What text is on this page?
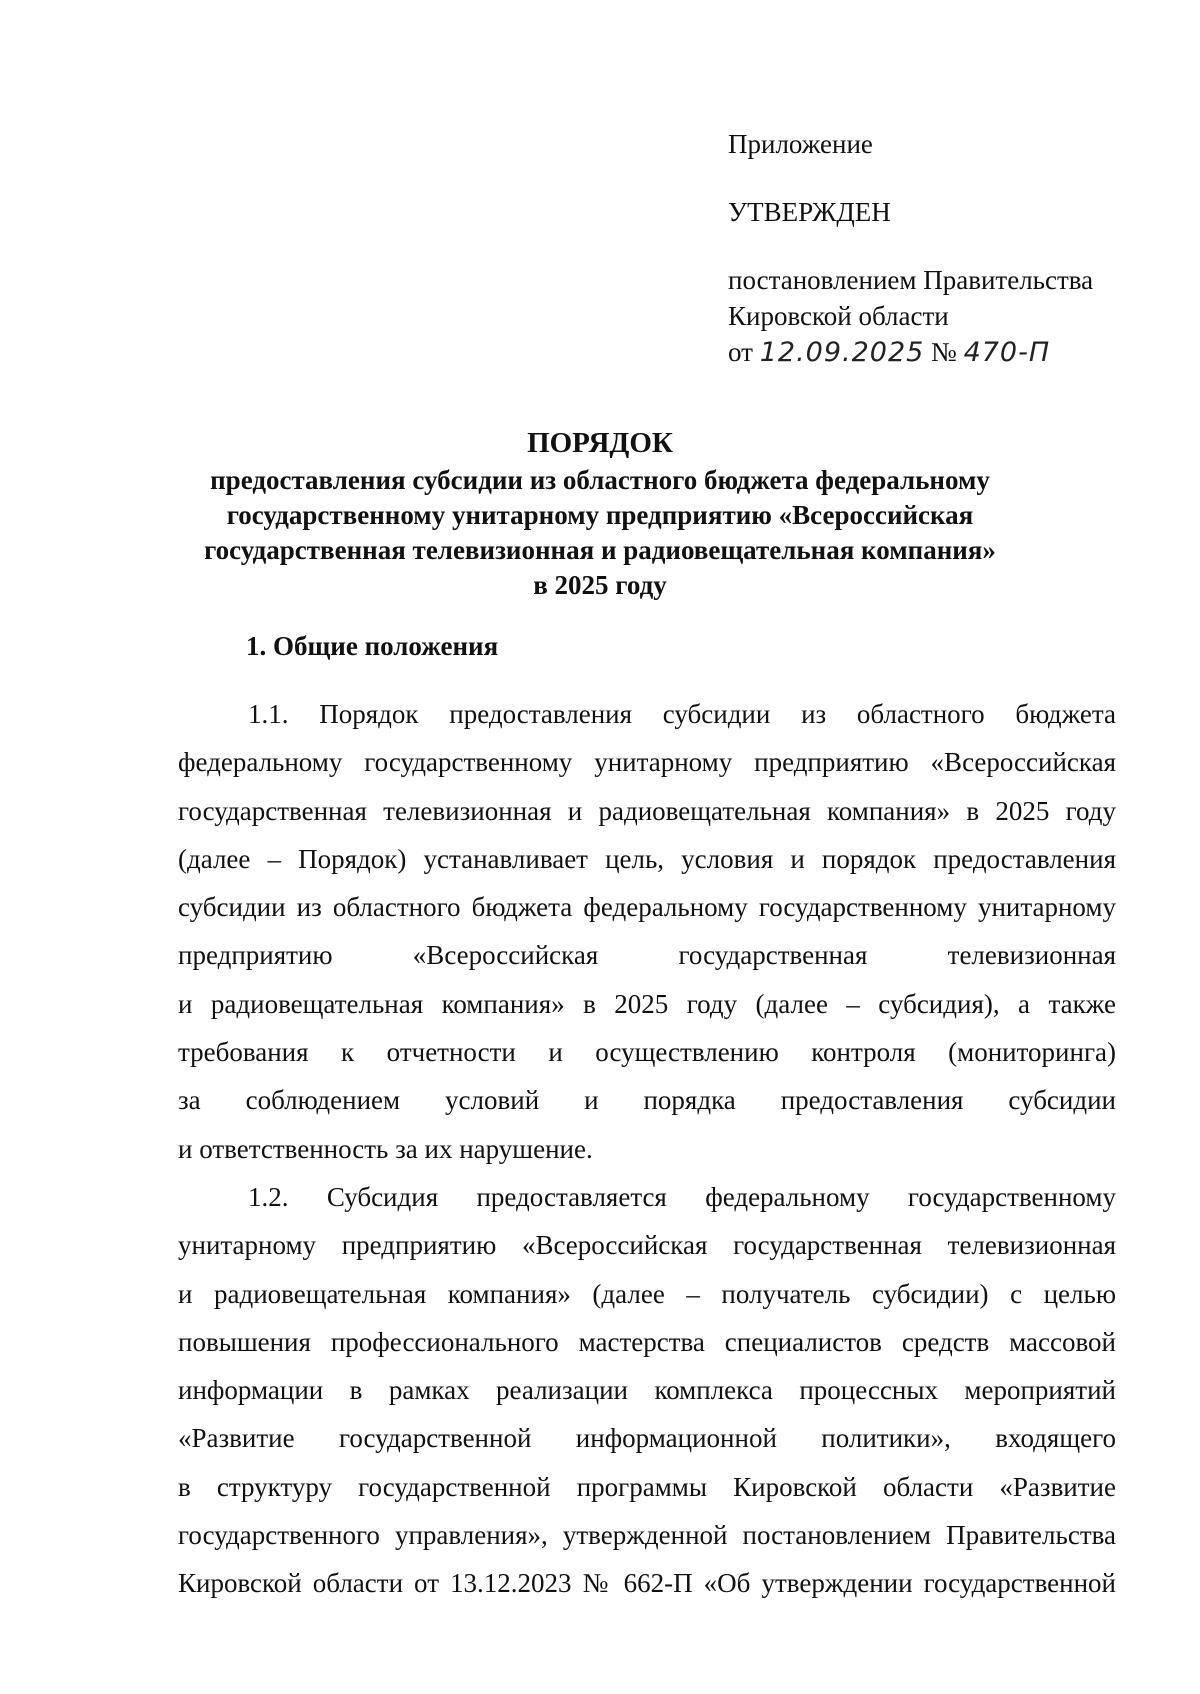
Приложение
УТВЕРЖДЕН
постановлением Правительства
Кировской области
от 12.09.2025 № 470-П
ПОРЯДОК
предоставления субсидии из областного бюджета федеральному
государственному унитарному предприятию «Всероссийская
государственная телевизионная и радиовещательная компания»
в 2025 году
1. Общие положения
1.1. Порядок предоставления субсидии из областного бюджета
федеральному государственному унитарному предприятию «Всероссийская
государственная телевизионная и радиовещательная компания» в 2025 году
(далее – Порядок) устанавливает цель, условия и порядок предоставления
субсидии из областного бюджета федеральному государственному унитарному
предприятию «Всероссийская государственная телевизионная
и радиовещательная компания» в 2025 году (далее – субсидия), а также
требования к отчетности и осуществлению контроля (мониторинга)
за соблюдением условий и порядка предоставления субсидии
и ответственность за их нарушение.
1.2. Субсидия предоставляется федеральному государственному
унитарному предприятию «Всероссийская государственная телевизионная
и радиовещательная компания» (далее – получатель субсидии) с целью
повышения профессионального мастерства специалистов средств массовой
информации в рамках реализации комплекса процессных мероприятий
«Развитие государственной информационной политики», входящего
в структуру государственной программы Кировской области «Развитие
государственного управления», утвержденной постановлением Правительства
Кировской области от 13.12.2023 № 662-П «Об утверждении государственной
